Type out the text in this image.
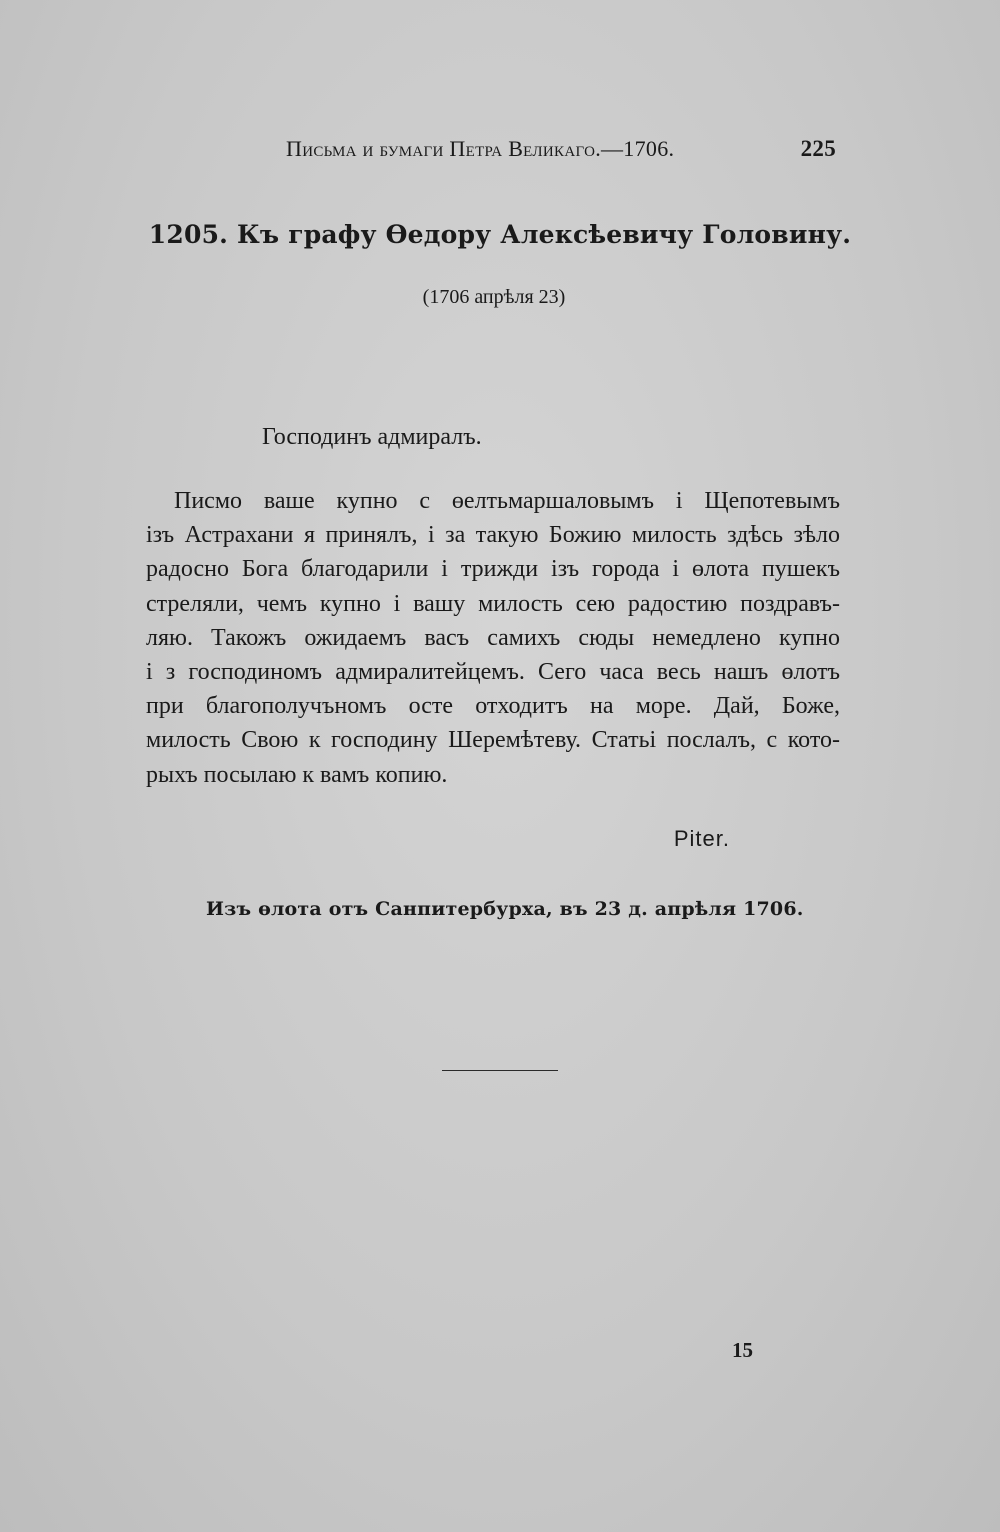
Письма и бумаги Петра Великаго.—1706.	225
1205. Къ графу Өедору Алексѣевичу Головину.
(1706 апрѣля 23)
Господинъ адмиралъ.
Писмо ваше купно с өелтьмаршаловымъ і Щепотевымъ
ізъ Астрахани я принялъ, і за такую Божию милость здѣсь зѣло
радосно Бога благодарили і трижди ізъ города і өлота пушекъ
стреляли, чемъ купно і вашу милость сею радостию поздравъ-
ляю. Такожъ ожидаемъ васъ самихъ сюды немедлено купно
і з господиномъ адмиралитейцемъ. Сего часа весь нашъ өлотъ
при благополучъномъ осте отходитъ на море. Дай, Боже,
милость Свою к господину Шеремѣтеву. Статьі послалъ, с кото-
рыхъ посылаю к вамъ копию.
Piter.
Изъ өлота отъ Санпитербурха, въ 23 д. апрѣля 1706.
15
